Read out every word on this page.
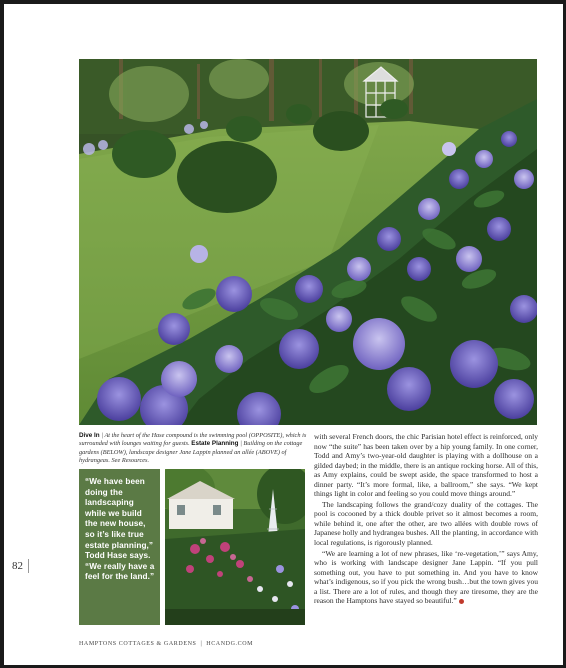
Dive In | At the heart of the Hase compound is the swimming pool (OPPOSITE), which is surrounded with lounges waiting for guests. Estate Planning | Building on the cottage gardens (BELOW), landscape designer Jane Lappin planned an allée (ABOVE) of hydrangeas. See Resources.
“We have been doing the landscaping while we build the new house, so it’s like true estate planning,” Todd Hase says. “We really have a feel for the land.”

with several French doors, the chic Parisian hotel effect is reinforced, only now “the suite” has been taken over by a hip young family. In one corner, Todd and Amy’s two-year-old daughter is playing with a dollhouse on a gilded daybed; in the middle, there is an antique rocking horse. All of this, as Amy explains, could be swept aside, the space transformed to host a dinner party. “It’s more formal, like, a ballroom,” she says. “We kept things light in color and feeling so you could move things around.”

The landscaping follows the grand/cozy duality of the cottages. The pool is cocooned by a thick double privet so it almost becomes a room, while behind it, one after the other, are two allées with double rows of Japanese holly and hydrangea bushes. All the planting, in accordance with local regulations, is rigorously planned.

“We are learning a lot of new phrases, like ‘re-vegetation,’” says Amy, who is working with landscape designer Jane Lappin. “If you pull something out, you have to put something in. And you have to know what’s indigenous, so if you pick the wrong bush…but the town gives you a list. There are a lot of rules, and though they are tiresome, they are the reason the Hamptons have stayed so beautiful.”

82
HAMPTONS COTTAGES & GARDENS | HCANDG.COM
